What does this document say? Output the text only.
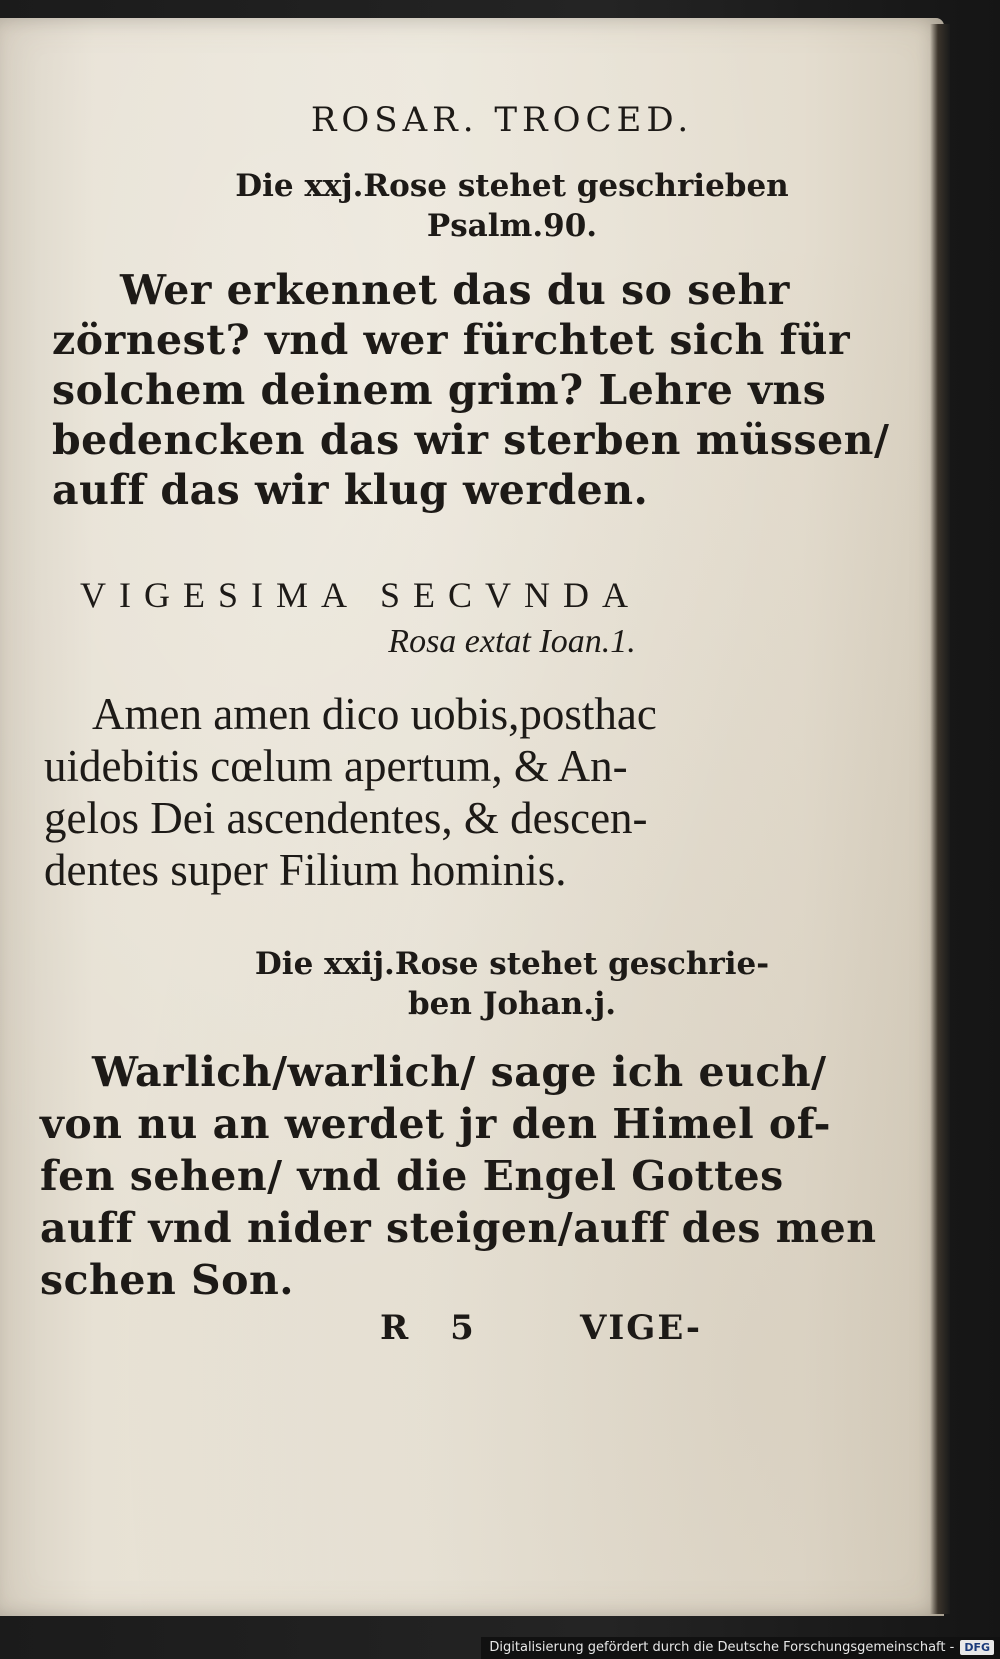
ROSAR. TROCED.
Die xxj.Rose stehet geschrieben
Psalm.90.
Wer erkennet das du so sehr
zörnest? vnd wer fürchtet sich für
solchem deinem grim? Lehre vns
bedencken das wir sterben müssen/
auff das wir klug werden.
VIGESIMA SECVNDA
Rosa extat Ioan.1.
Amen amen dico uobis,posthac
uidebitis cœlum apertum, & An-
gelos Dei ascendentes, & descen-
dentes super Filium hominis.
Die xxij.Rose stehet geschrie-
ben Johan.j.
Warlich/warlich/ sage ich euch/
von nu an werdet jr den Himel of-
fen sehen/ vnd die Engel Gottes
auff vnd nider steigen/auff des men
schen Son.
R 5	VIGE-
Digitalisierung gefördert durch die Deutsche Forschungsgemeinschaft - DFG
